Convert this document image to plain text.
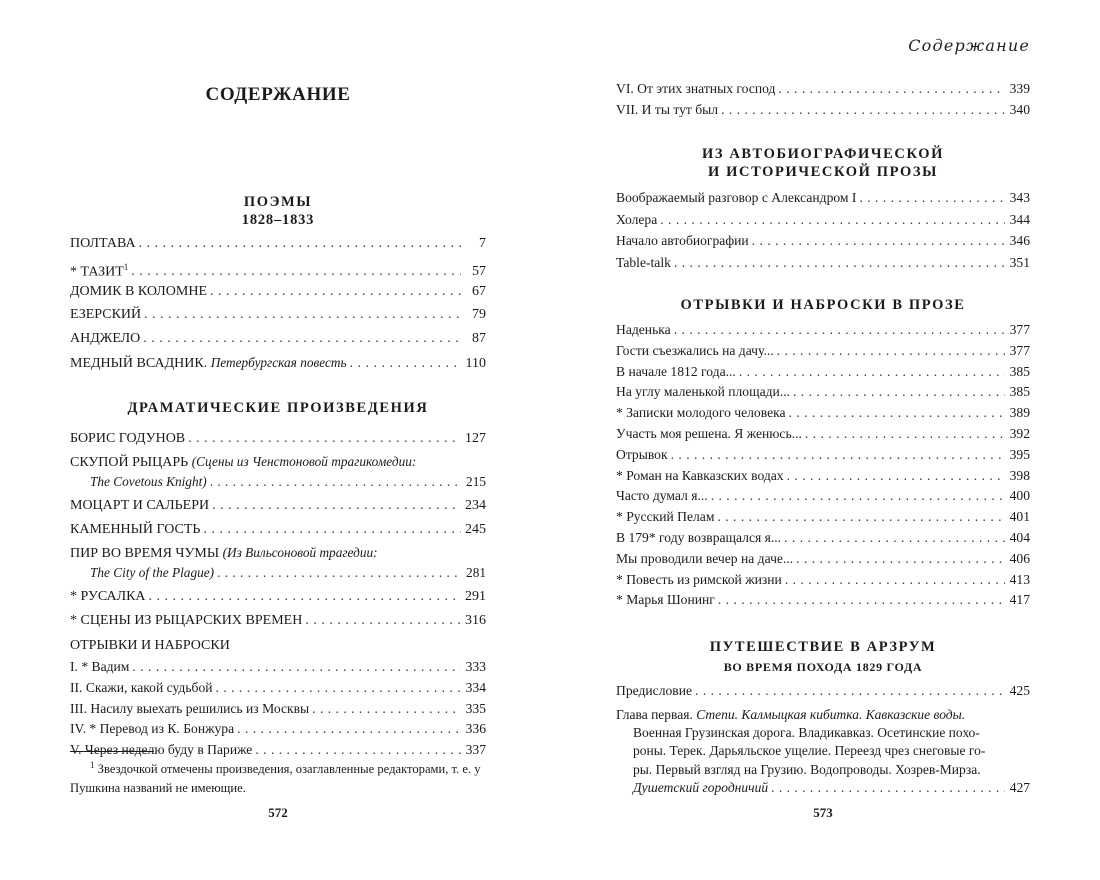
СОДЕРЖАНИЕ
ПОЭМЫ
1828–1833
ПОЛТАВА . . .	7
* ТАЗИТ$^1$ . . .	57
ДОМИК В КОЛОМНЕ . . .	67
ЕЗЕРСКИЙ . . .	79
АНДЖЕЛО . . .	87
МЕДНЫЙ ВСАДНИК. Петербургская повесть . . .	110
ДРАМАТИЧЕСКИЕ ПРОИЗВЕДЕНИЯ
БОРИС ГОДУНОВ . . .	127
СКУПОЙ РЫЦАРЬ (Сцены из Ченстоновой трагикомедии:
The Covetous Knight) . . .	215
МОЦАРТ И САЛЬЕРИ . . .	234
КАМЕННЫЙ ГОСТЬ . . .	245
ПИР ВО ВРЕМЯ ЧУМЫ (Из Вильсоновой трагедии:
The City of the Plague) . . .	281
* РУСАЛКА . . .	291
* СЦЕНЫ ИЗ РЫЦАРСКИХ ВРЕМЕН . . .	316
ОТРЫВКИ И НАБРОСКИ
I. * Вадим . . .	333
II. Скажи, какой судьбой . . .	334
III. Насилу выехать решились из Москвы . . .	335
IV. * Перевод из К. Бонжура . . .	336
V. Через неделю буду в Париже . . .	337
$^1$ Звездочкой отмечены произведения, озаглавленные редакторами, т. е. у Пушкина названий не имеющие.
572
Содержание
VI. От этих знатных господ . . .	339
VII. И ты тут был . . .	340
ИЗ АВТОБИОГРАФИЧЕСКОЙ
И ИСТОРИЧЕСКОЙ ПРОЗЫ
Воображаемый разговор с Александром I . . .	343
Холера . . .	344
Начало автобиографии . . .	346
Table-talk . . .	351
ОТРЫВКИ И НАБРОСКИ В ПРОЗЕ
Наденька . . .	377
Гости съезжались на дачу... . . .	377
В начале 1812 года... . . .	385
На углу маленькой площади... . . .	385
* Записки молодого человека . . .	389
Участь моя решена. Я женюсь... . . .	392
Отрывок . . .	395
* Роман на Кавказских водах . . .	398
Часто думал я... . . .	400
* Русский Пелам . . .	401
В 179* году возвращался я... . . .	404
Мы проводили вечер на даче... . . .	406
* Повесть из римской жизни . . .	413
* Марья Шонинг . . .	417
ПУТЕШЕСТВИЕ В АРЗРУМ
ВО ВРЕМЯ ПОХОДА 1829 ГОДА
Предисловие . . .	425
Глава первая. Степи. Калмыцкая кибитка. Кавказские воды.
Военная Грузинская дорога. Владикавказ. Осетинские похо-
роны. Терек. Дарьяльское ущелие. Переезд чрез снеговые го-
ры. Первый взгляд на Грузию. Водопроводы. Хозрев-Мирза.
Душетский городничий . . .	427
573
